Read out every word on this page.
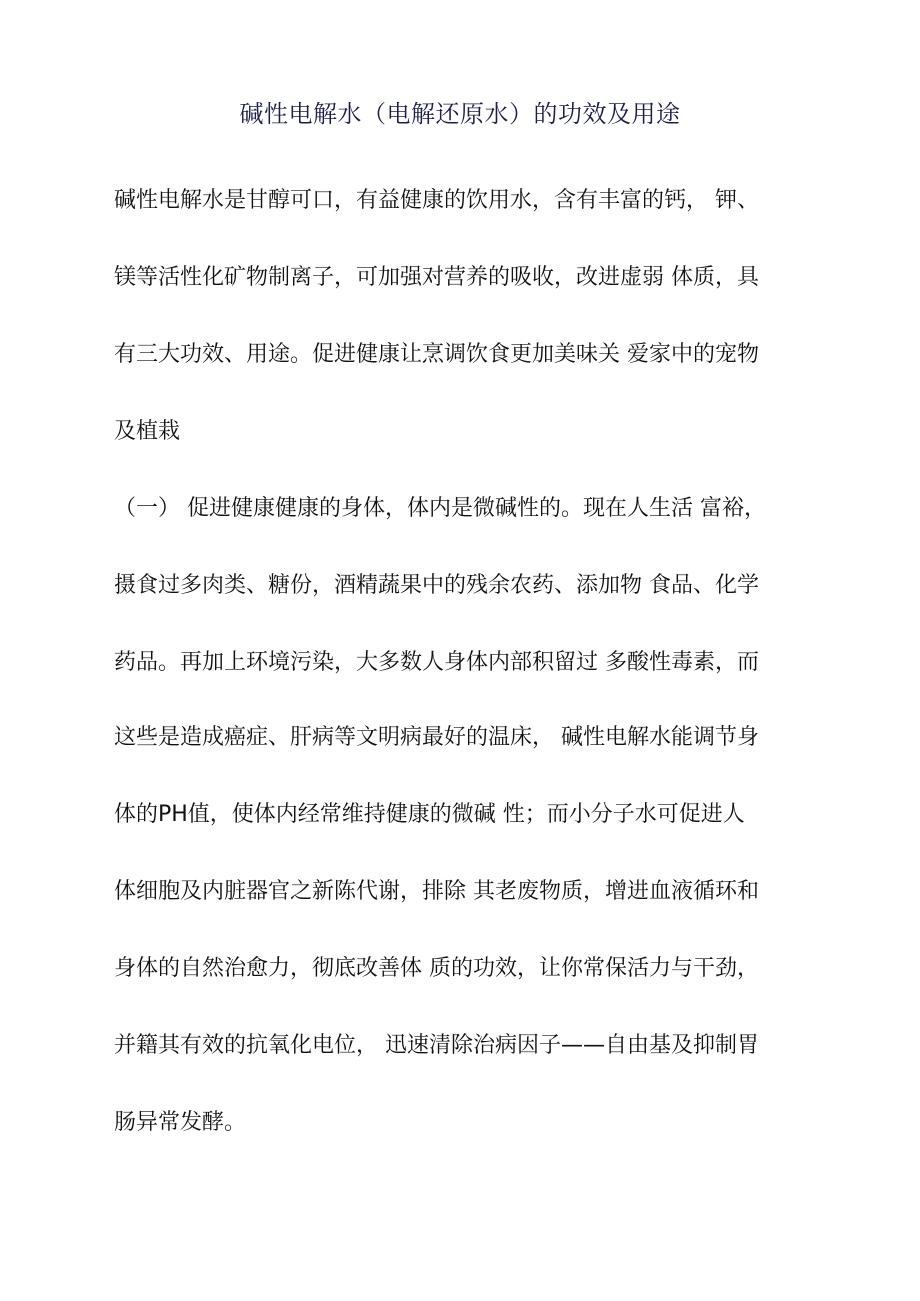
碱性电解水（电解还原水）的功效及用途
碱性电解水是甘醇可口，有益健康的饮用水，含有丰富的钙， 钾、
镁等活性化矿物制离子，可加强对营养的吸收，改进虚弱 体质，具
有三大功效、用途。促进健康让烹调饮食更加美味关 爱家中的宠物
及植栽
（一） 促进健康健康的身体，体内是微碱性的。现在人生活 富裕，
摄食过多肉类、糖份，酒精蔬果中的残余农药、添加物 食品、化学
药品。再加上环境污染，大多数人身体内部积留过 多酸性毒素，而
这些是造成癌症、肝病等文明病最好的温床， 碱性电解水能调节身
体的PH值，使体内经常维持健康的微碱 性；而小分子水可促进人
体细胞及内脏器官之新陈代谢，排除 其老废物质，增进血液循环和
身体的自然治愈力，彻底改善体 质的功效，让你常保活力与干劲，
并籍其有效的抗氧化电位， 迅速清除治病因子——自由基及抑制胃
肠异常发酵。
